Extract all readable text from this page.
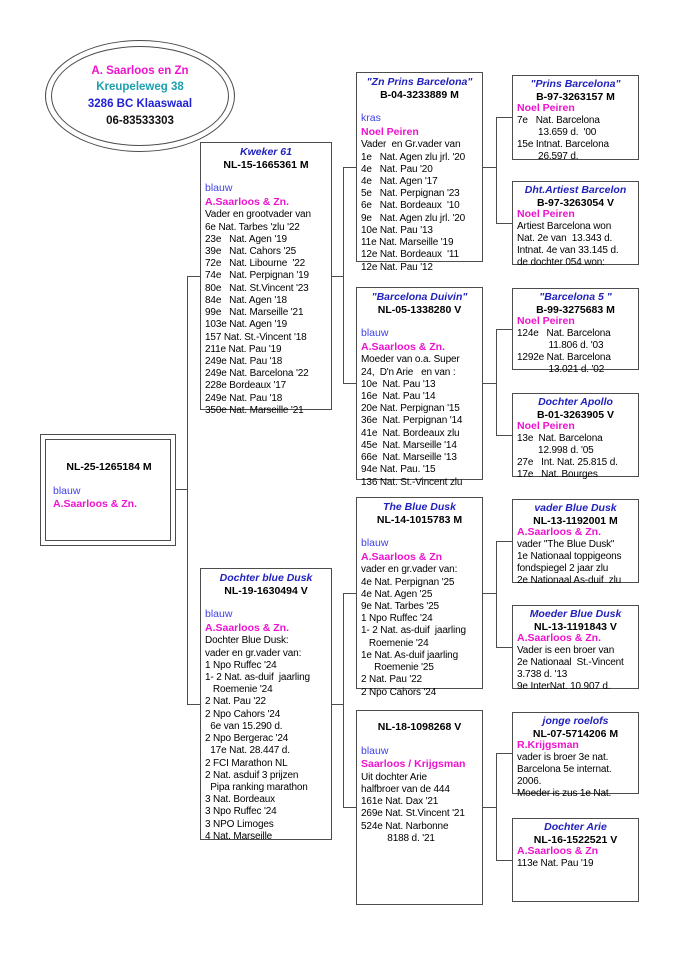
A. Saarloos en Zn
Kreupeleweg 38
3286 BC Klaaswaal
06-83533303
NL-25-1265184 M
blauw
A.Saarloos & Zn.
Kweker 61
NL-15-1665361 M
blauw
A.Saarloos & Zn.
Vader en grootvader van
6e Nat. Tarbes 'zlu '22
23e   Nat. Agen '19
39e   Nat. Cahors '25
72e   Nat. Libourne  '22
74e   Nat. Perpignan '19
80e   Nat. St.Vincent '23
84e   Nat. Agen '18
99e   Nat. Marseille '21
103e Nat. Agen '19
157 Nat. St.-Vincent '18
211e Nat. Pau '19
249e Nat. Pau '18
249e Nat. Barcelona '22
228e Bordeaux '17
249e Nat. Pau '18
350e Nat. Marseille '21
Dochter blue Dusk
NL-19-1630494 V
blauw
A.Saarloos & Zn.
Dochter Blue Dusk:
vader en gr.vader van:
1 Npo Ruffec '24
1- 2 Nat. as-duif  jaarling
Roemenie '24
2 Nat. Pau '22
2 Npo Cahors '24
6e van 15.290 d.
2 Npo Bergerac '24
17e Nat. 28.447 d.
2 FCI Marathon NL
2 Nat. asduif 3 prijzen
Pipa ranking marathon
3 Nat. Bordeaux
3 Npo Ruffec '24
3 NPO Limoges
4 Nat. Marseille
"Zn Prins Barcelona"
B-04-3233889 M
kras
Noel Peiren
Vader  en Gr.vader van
1e   Nat. Agen zlu jrl. '20
4e   Nat. Pau '20
4e   Nat. Agen '17
5e   Nat. Perpignan '23
6e   Nat. Bordeaux  '10
9e   Nat. Agen zlu jrl. '20
10e Nat. Pau '13
11e Nat. Marseille '19
12e Nat. Bordeaux  '11
12e Nat. Pau '12
"Barcelona Duivin"
NL-05-1338280 V
blauw
A.Saarloos & Zn.
Moeder van o.a. Super
24,  D'n Arie   en van :
10e  Nat. Pau '13
16e  Nat. Pau '14
20e Nat. Perpignan '15
36e  Nat. Perpignan '14
41e  Nat. Bordeaux zlu
45e  Nat. Marseille '14
66e  Nat. Marseille '13
94e Nat. Pau. '15
136 Nat. St.-Vincent zlu
The Blue Dusk
NL-14-1015783 M
blauw
A.Saarloos & Zn
vader en gr.vader van:
4e Nat. Perpignan '25
4e Nat. Agen '25
9e Nat. Tarbes '25
1 Npo Ruffec '24
1- 2 Nat. as-duif  jaarling
Roemenie '24
1e Nat. As-duif jaarling
Roemenie '25
2 Nat. Pau '22
2 Npo Cahors '24
NL-18-1098268 V
blauw
Saarloos / Krijgsman
Uit dochter Arie
halfbroer van de 444
161e Nat. Dax '21
269e Nat. St.Vincent '21
524e Nat. Narbonne
8188 d. '21
"Prins Barcelona"
B-97-3263157 M
Noel Peiren
7e   Nat. Barcelona
13.659 d.  '00
15e Intnat. Barcelona
26.597 d.
Dht.Artiest Barcelon
B-97-3263054 V
Noel Peiren
Artiest Barcelona won
Nat. 2e van  13.343 d.
Intnat. 4e van 33.145 d.
de dochter 054 won:
"Barcelona 5 "
B-99-3275683 M
Noel Peiren
124e   Nat. Barcelona
11.806 d. '03
1292e Nat. Barcelona
13.021 d. '02
Dochter Apollo
B-01-3263905 V
Noel Peiren
13e  Nat. Barcelona
12.998 d. '05
27e   Int. Nat. 25.815 d.
17e   Nat. Bourges
vader Blue Dusk
NL-13-1192001 M
A.Saarloos & Zn.
vader "The Blue Dusk"
1e Nationaal toppigeons
fondspiegel 2 jaar zlu
2e Nationaal As-duif  zlu
Moeder Blue Dusk
NL-13-1191843 V
A.Saarloos & Zn.
Vader is een broer van
2e Nationaal  St.-Vincent
3.738 d. '13
9e InterNat. 10.907 d.
jonge roelofs
NL-07-5714206 M
R.Krijgsman
vader is broer 3e nat.
Barcelona 5e internat.
2006.
Moeder is zus 1e Nat.
Dochter Arie
NL-16-1522521 V
A.Saarloos & Zn
113e Nat. Pau '19
